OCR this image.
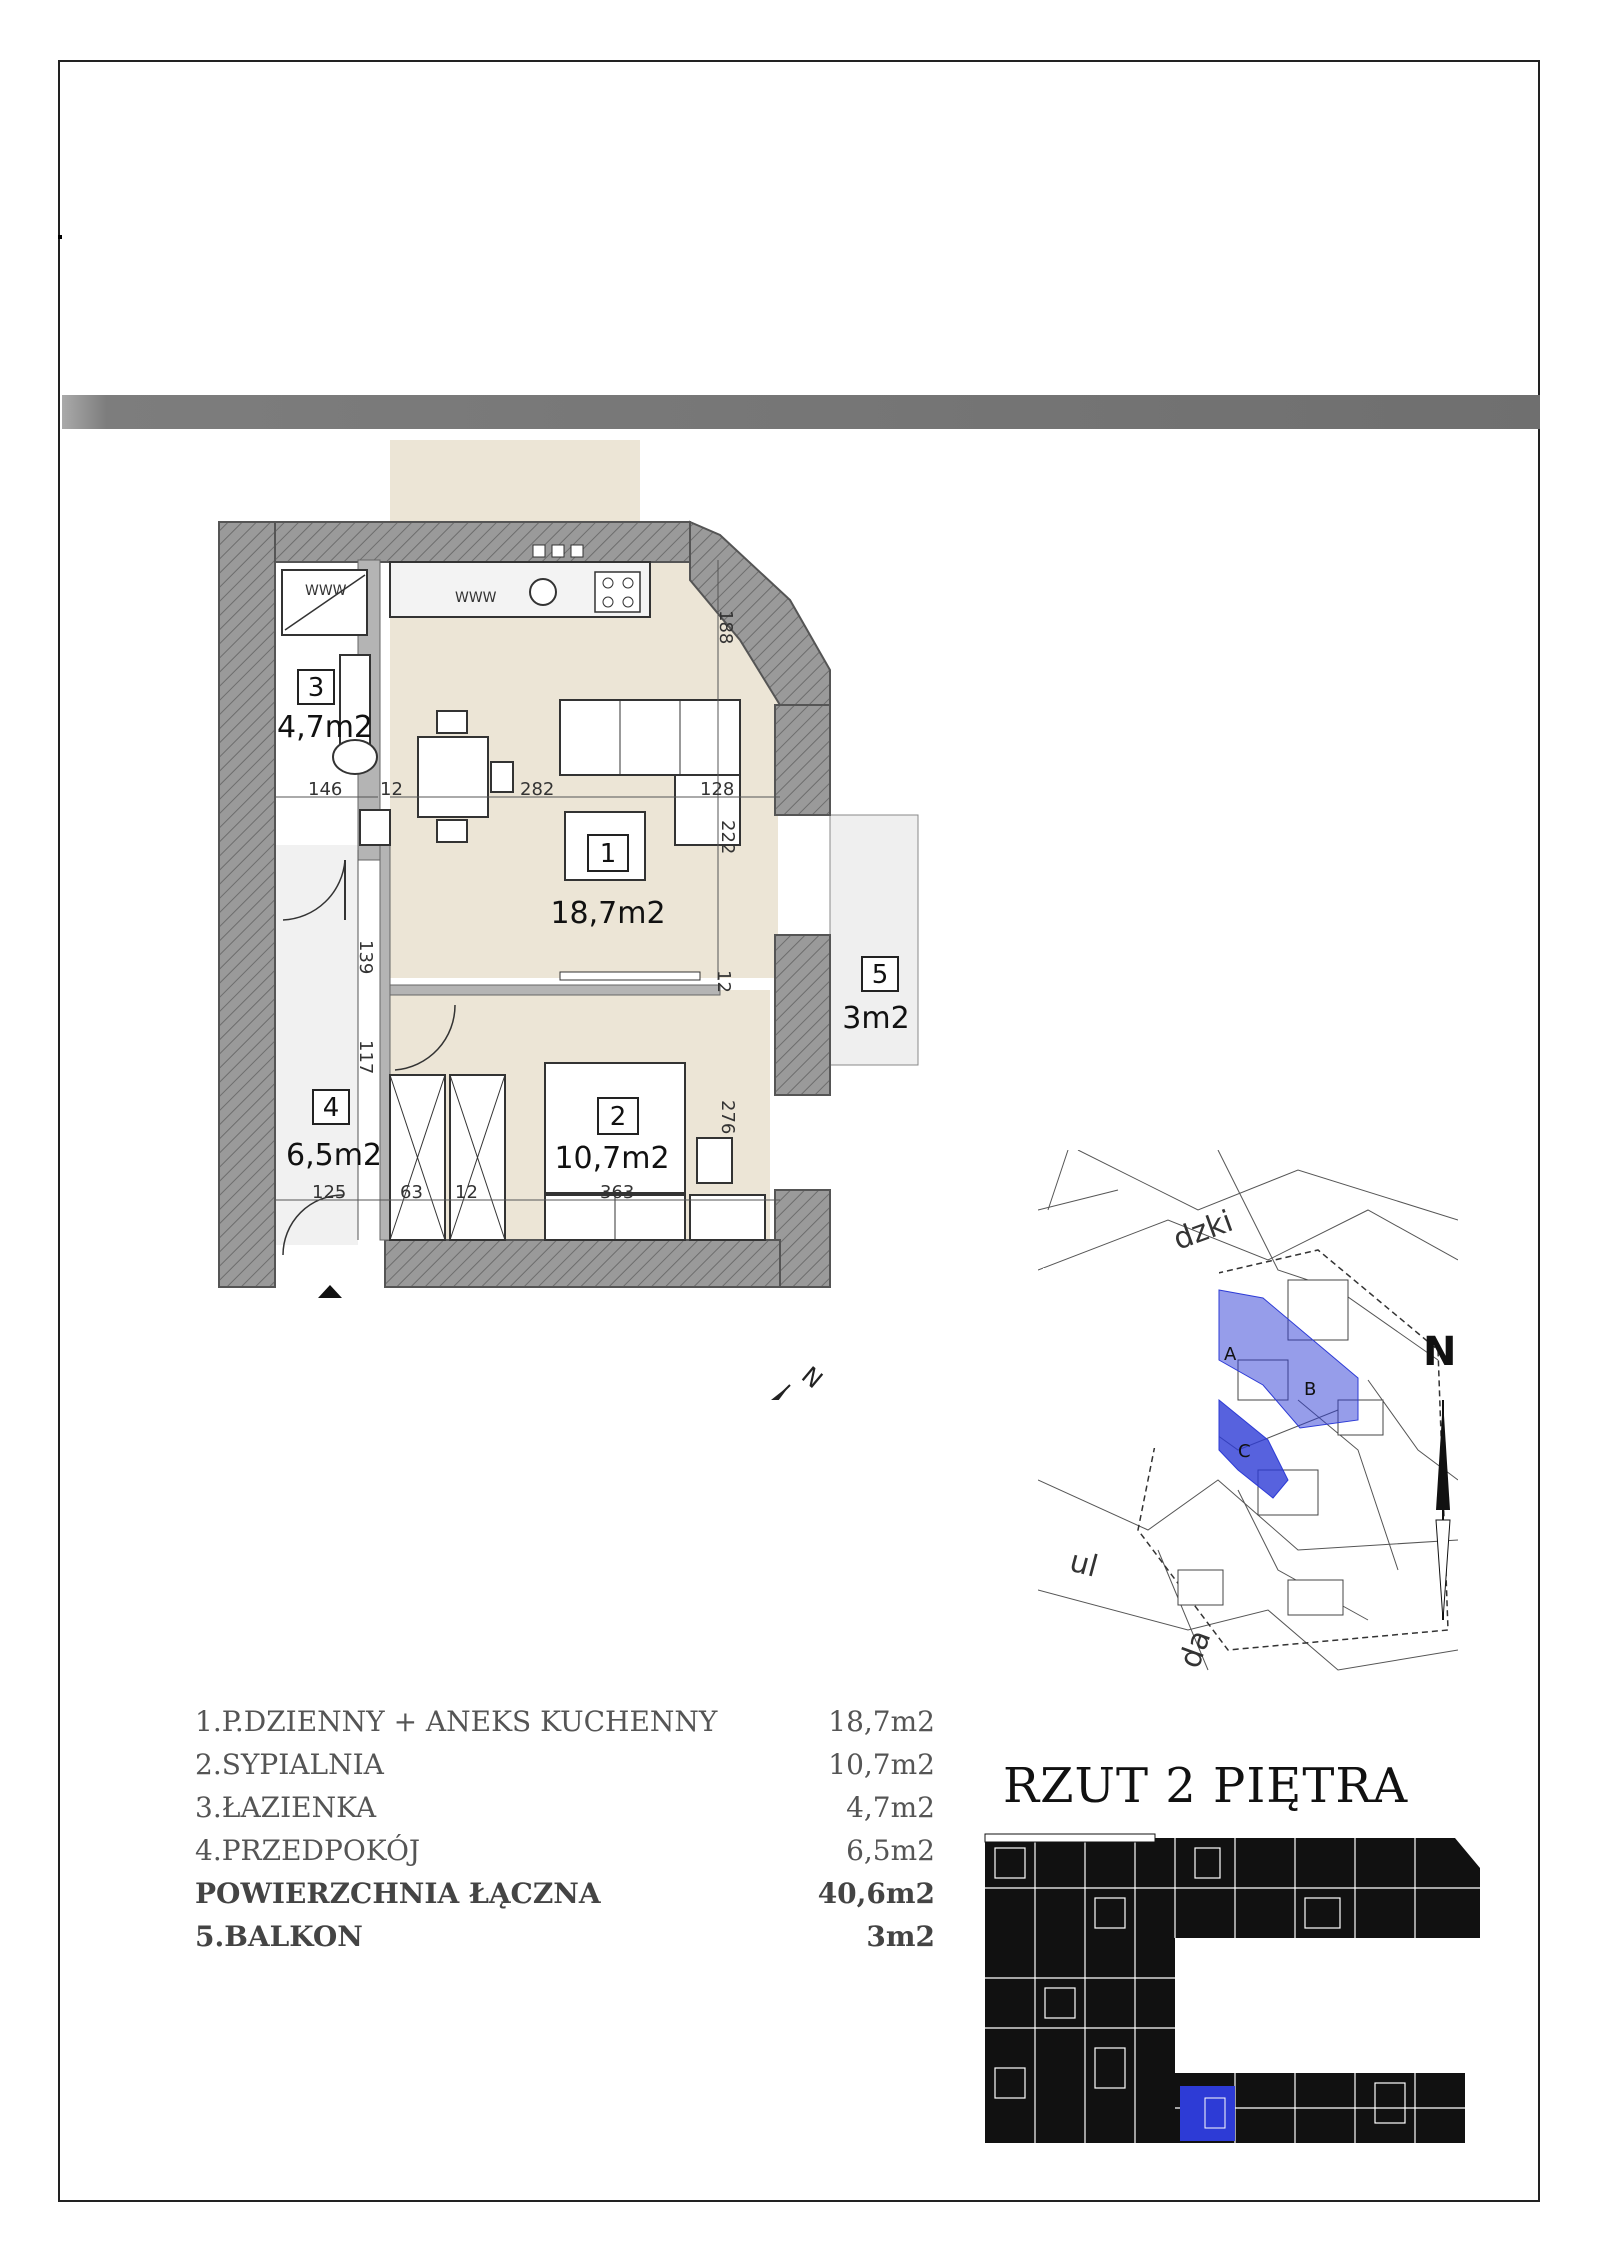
WWW	WWW
146 12	282	128
188
222
139
117
12
276
125	63 12	363
1
18,7m2
2
10,7m2
3
4,7m2
4
6,5m2
5
3m2
N
A
B
C
dzki
ul
da
N
1.P.DZIENNY + ANEKS KUCHENNY	18,7m2
2.SYPIALNIA	10,7m2
3.ŁAZIENKA	4,7m2
4.PRZEDPOKÓJ	6,5m2
POWIERZCHNIA ŁĄCZNA	40,6m2
5.BALKON	3m2
RZUT 2 PIĘTRA
